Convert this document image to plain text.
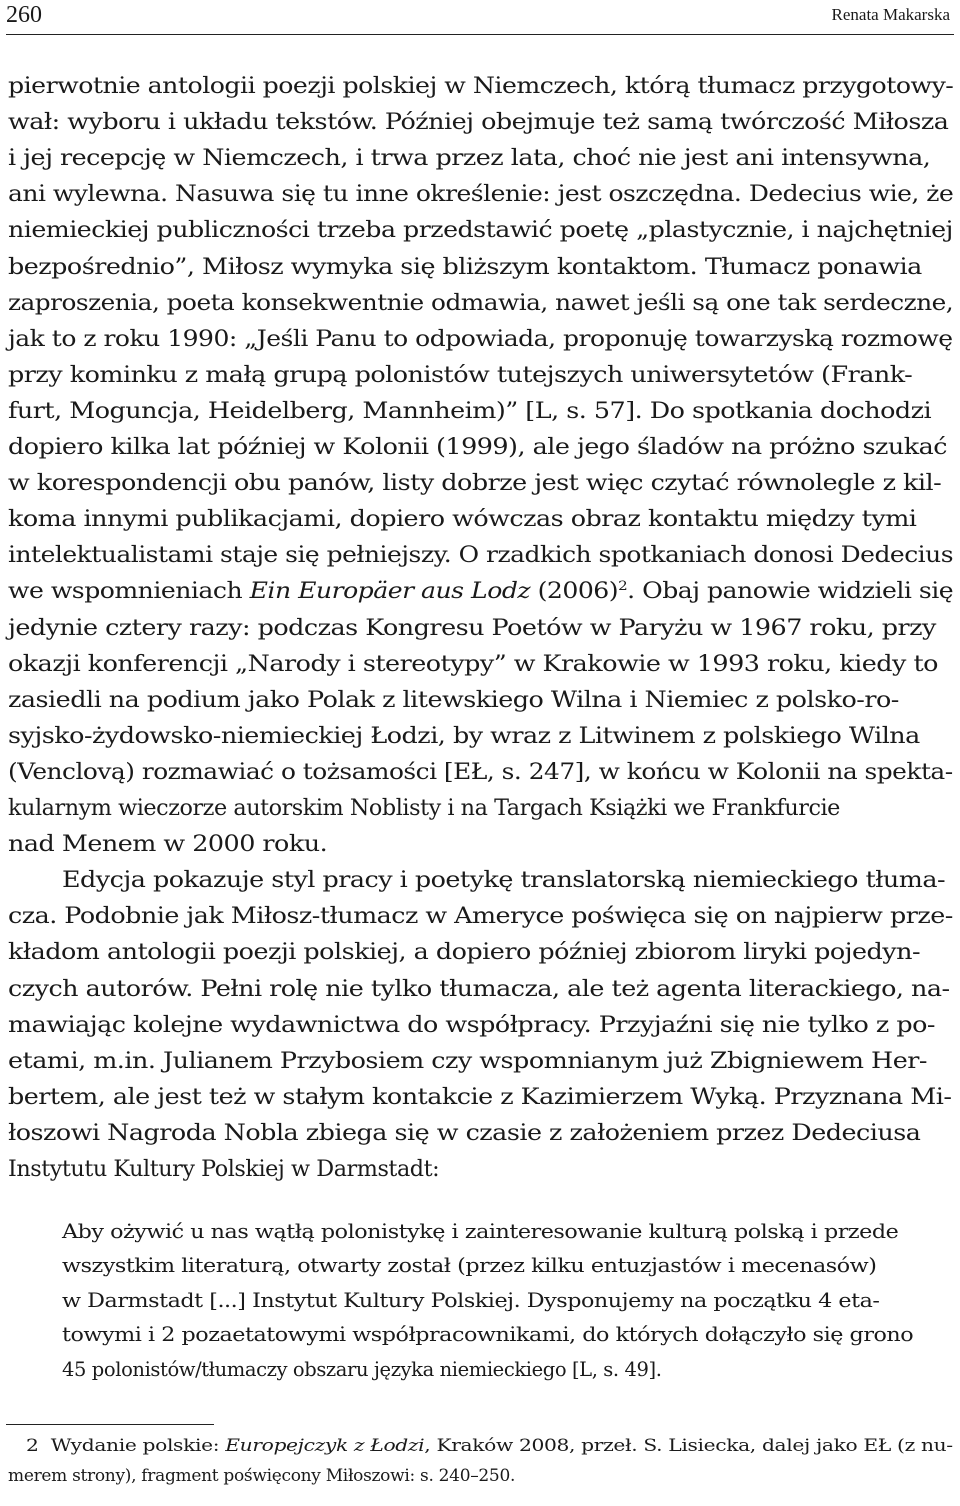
260	Renata Makarska
pierwotnie antologii poezji polskiej w Niemczech, którą tłumacz przygotowy-
wał: wyboru i układu tekstów. Później obejmuje też samą twórczość Miłosza
i jej recepcję w Niemczech, i trwa przez lata, choć nie jest ani intensywna,
ani wylewna. Nasuwa się tu inne określenie: jest oszczędna. Dedecius wie, że
niemieckiej publiczności trzeba przedstawić poetę „plastycznie, i najchętniej
bezpośrednio”, Miłosz wymyka się bliższym kontaktom. Tłumacz ponawia
zaproszenia, poeta konsekwentnie odmawia, nawet jeśli są one tak serdeczne,
jak to z roku 1990: „Jeśli Panu to odpowiada, proponuję towarzyską rozmowę
przy kominku z małą grupą polonistów tutejszych uniwersytetów (Frank-
furt, Moguncja, Heidelberg, Mannheim)” [L, s. 57]. Do spotkania dochodzi
dopiero kilka lat później w Kolonii (1999), ale jego śladów na próżno szukać
w korespondencji obu panów, listy dobrze jest więc czytać równolegle z kil-
koma innymi publikacjami, dopiero wówczas obraz kontaktu między tymi
intelektualistami staje się pełniejszy. O rzadkich spotkaniach donosi Dedecius
we wspomnieniach Ein Europäer aus Lodz $(2006)^2$. Obaj panowie widzieli się
jedynie cztery razy: podczas Kongresu Poetów w Paryżu w 1967 roku, przy
okazji konferencji „Narody i stereotypy” w Krakowie w 1993 roku, kiedy to
zasiedli na podium jako Polak z litewskiego Wilna i Niemiec z polsko-ro-
syjsko-żydowsko-niemieckiej Łodzi, by wraz z Litwinem z polskiego Wilna
(Venclovą) rozmawiać o tożsamości [EŁ, s. 247], w końcu w Kolonii na spekta-
kularnym wieczorze autorskim Noblisty i na Targach Książki we Frankfurcie
nad Menem w 2000 roku.
Edycja pokazuje styl pracy i poetykę translatorską niemieckiego tłuma-
cza. Podobnie jak Miłosz-tłumacz w Ameryce poświęca się on najpierw prze-
kładom antologii poezji polskiej, a dopiero później zbiorom liryki pojedyn-
czych autorów. Pełni rolę nie tylko tłumacza, ale też agenta literackiego, na-
mawiając kolejne wydawnictwa do współpracy. Przyjaźni się nie tylko z po-
etami, m.in. Julianem Przybosiem czy wspomnianym już Zbigniewem Her-
bertem, ale jest też w stałym kontakcie z Kazimierzem Wyką. Przyznana Mi-
łoszowi Nagroda Nobla zbiega się w czasie z założeniem przez Dedeciusa
Instytutu Kultury Polskiej w Darmstadt:
Aby ożywić u nas wątłą polonistykę i zainteresowanie kulturą polską i przede
wszystkim literaturą, otwarty został (przez kilku entuzjastów i mecenasów)
w Darmstadt [...] Instytut Kultury Polskiej. Dysponujemy na początku 4 eta-
towymi i 2 pozaetatowymi współpracownikami, do których dołączyło się grono
45 polonistów/tłumaczy obszaru języka niemieckiego [L, s. 49].
2 Wydanie polskie: Europejczyk z Łodzi, Kraków 2008, przeł. S. Lisiecka, dalej jako EŁ (z nu-
merem strony), fragment poświęcony Miłoszowi: s. 240–250.
